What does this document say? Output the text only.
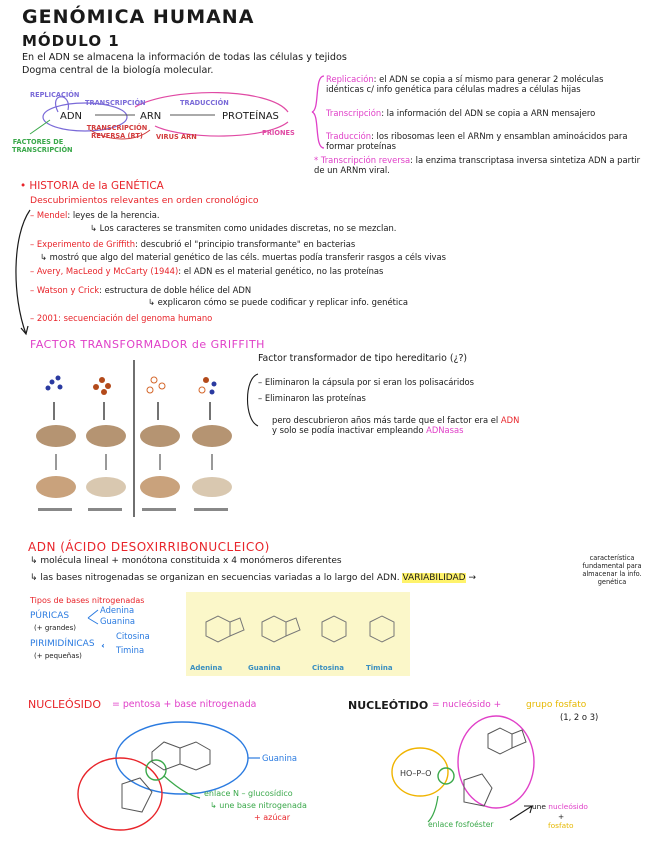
GENÓMICA HUMANA
MÓDULO 1
En el ADN se almacena la información de todas las células y tejidos
Dogma central de la biología molecular.
REPLICACIÓN
ADN	ARN	PROTEÍNAS
TRANSCRIPCIÓN	TRADUCCIÓN
TRANSCRIPCIÓN REVERSA (RT)	VIRUS ARN	PRIONES
FACTORES DE TRANSCRIPCIÓN
Replicación: el ADN se copia a sí mismo para generar 2 moléculas idénticas c/ info genética para células madres a células hijas
Transcripción: la información del ADN se copia a ARN mensajero
Traducción: los ribosomas leen el ARNm y ensamblan aminoácidos para formar proteínas
* Transcripción reversa: la enzima transcriptasa inversa sintetiza ADN a partir de un ARNm viral.
• HISTORIA de la GENÉTICA
Descubrimientos relevantes en orden cronológico
– Mendel: leyes de la herencia.
↳ Los caracteres se transmiten como unidades discretas, no se mezclan.
– Experimento de Griffith: descubrió el "principio transformante" en bacterias
↳ mostró que algo del material genético de las céls. muertas podía transferir rasgos a céls vivas
– Avery, MacLeod y McCarty (1944): el ADN es el material genético, no las proteínas
– Watson y Crick: estructura de doble hélice del ADN
↳ explicaron cómo se puede codificar y replicar info. genética
– 2001: secuenciación del genoma humano
FACTOR TRANSFORMADOR de GRIFFITH
Factor transformador de tipo hereditario (¿?)
– Eliminaron la cápsula por si eran los polisacáridos
– Eliminaron las proteínas
pero descubrieron años más tarde que el factor era el ADN
y solo se podía inactivar empleando ADNasas
ADN (ÁCIDO DESOXIRRIBONUCLEICO)
↳ molécula lineal + monótona constituida x 4 monómeros diferentes
↳ las bases nitrogenadas se organizan en secuencias variadas a lo largo del ADN. VARIABILIDAD →
característica fundamental para almacenar la info. genética
Tipos de bases nitrogenadas
PÚRICAS
(+ grandes)
Adenina
Guanina
PIRIMIDÍNICAS
(+ pequeñas)
Citosina
Timina
Adenina	Guanina	Citosina	Timina
NUCLEÓSIDO = pentosa + base nitrogenada
Guanina
enlace N – glucosídico
↳ une base nitrogenada
+ azúcar
NUCLEÓTIDO = nucleósido +	grupo fosfato
(1, 2 o 3)
HO–P–O
enlace fosfoéster
une nucleósido
+
fosfato
